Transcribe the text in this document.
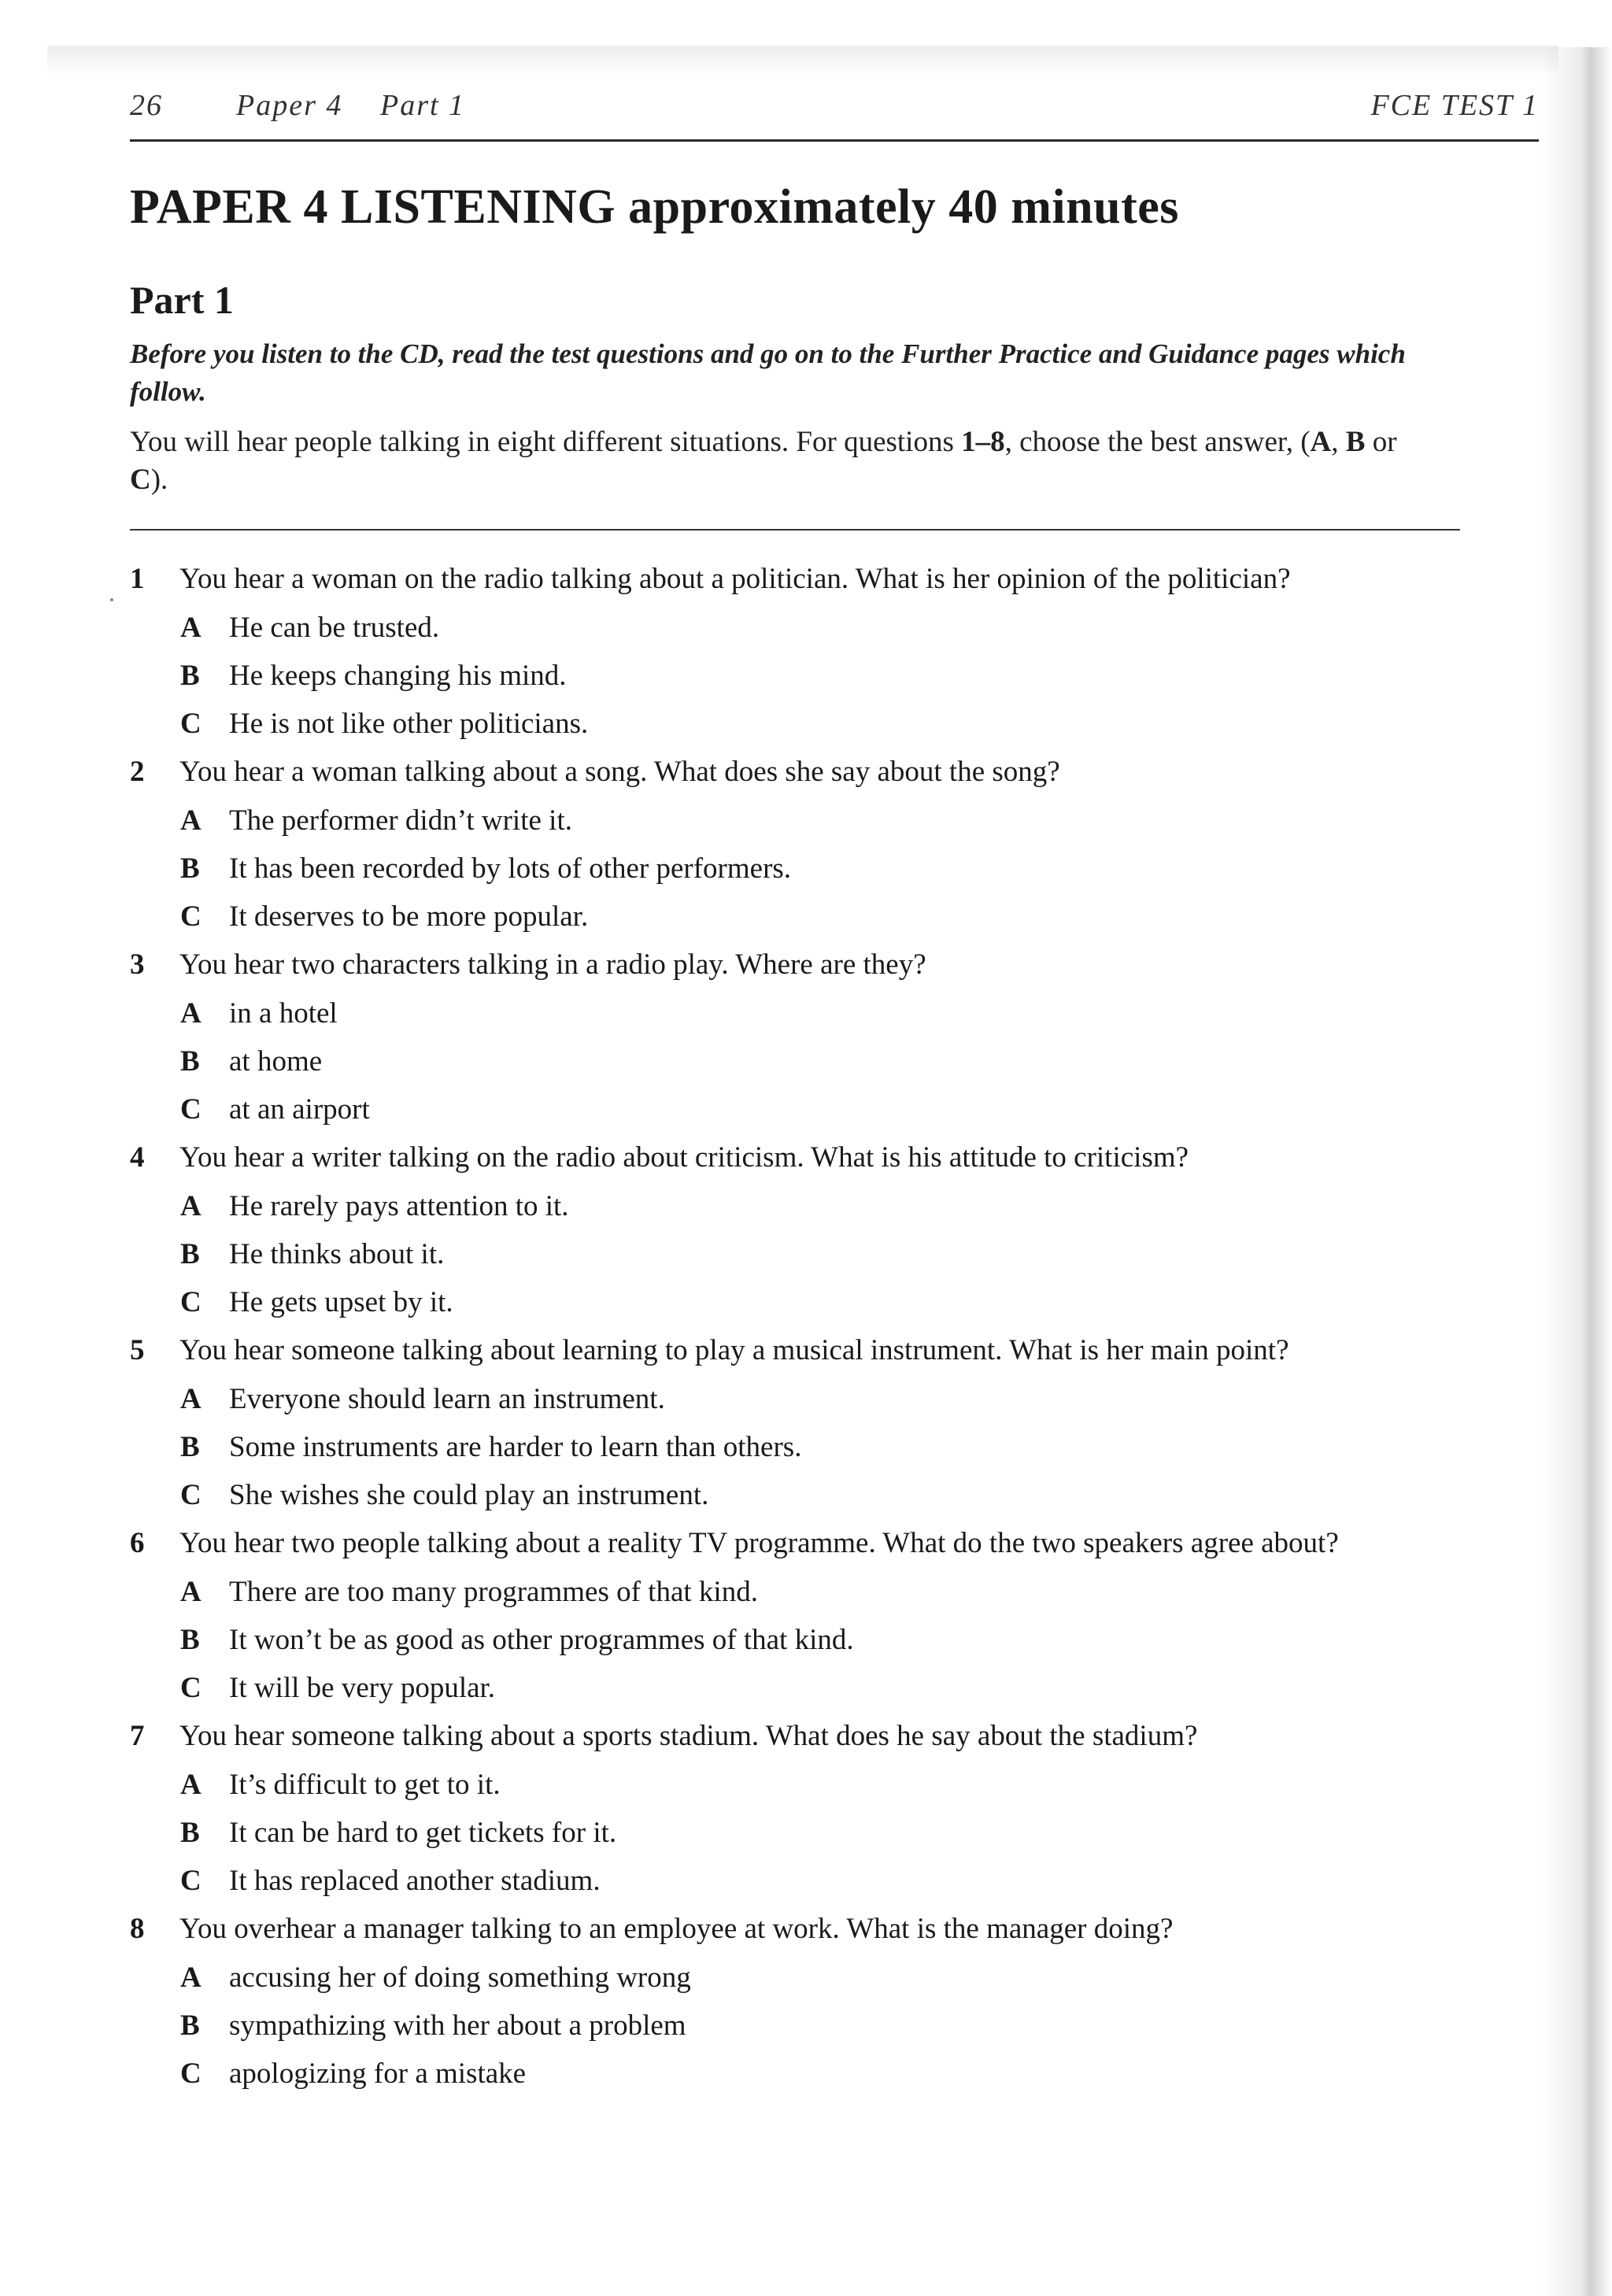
26 Paper 4 Part 1	FCE TEST 1
PAPER 4 LISTENING approximately 40 minutes
Part 1
Before you listen to the CD, read the test questions and go on to the Further Practice and Guidance pages which follow.
You will hear people talking in eight different situations. For questions 1–8, choose the best answer, (A, B or C).
1	You hear a woman on the radio talking about a politician. What is her opinion of the politician?
A He can be trusted.
B He keeps changing his mind.
C He is not like other politicians.
2	You hear a woman talking about a song. What does she say about the song?
A The performer didn’t write it.
B It has been recorded by lots of other performers.
C It deserves to be more popular.
3	You hear two characters talking in a radio play. Where are they?
A in a hotel
B at home
C at an airport
4	You hear a writer talking on the radio about criticism. What is his attitude to criticism?
A He rarely pays attention to it.
B He thinks about it.
C He gets upset by it.
5	You hear someone talking about learning to play a musical instrument. What is her main point?
A Everyone should learn an instrument.
B Some instruments are harder to learn than others.
C She wishes she could play an instrument.
6	You hear two people talking about a reality TV programme. What do the two speakers agree about?
A There are too many programmes of that kind.
B It won’t be as good as other programmes of that kind.
C It will be very popular.
7	You hear someone talking about a sports stadium. What does he say about the stadium?
A It’s difficult to get to it.
B It can be hard to get tickets for it.
C It has replaced another stadium.
8	You overhear a manager talking to an employee at work. What is the manager doing?
A accusing her of doing something wrong
B sympathizing with her about a problem
C apologizing for a mistake
